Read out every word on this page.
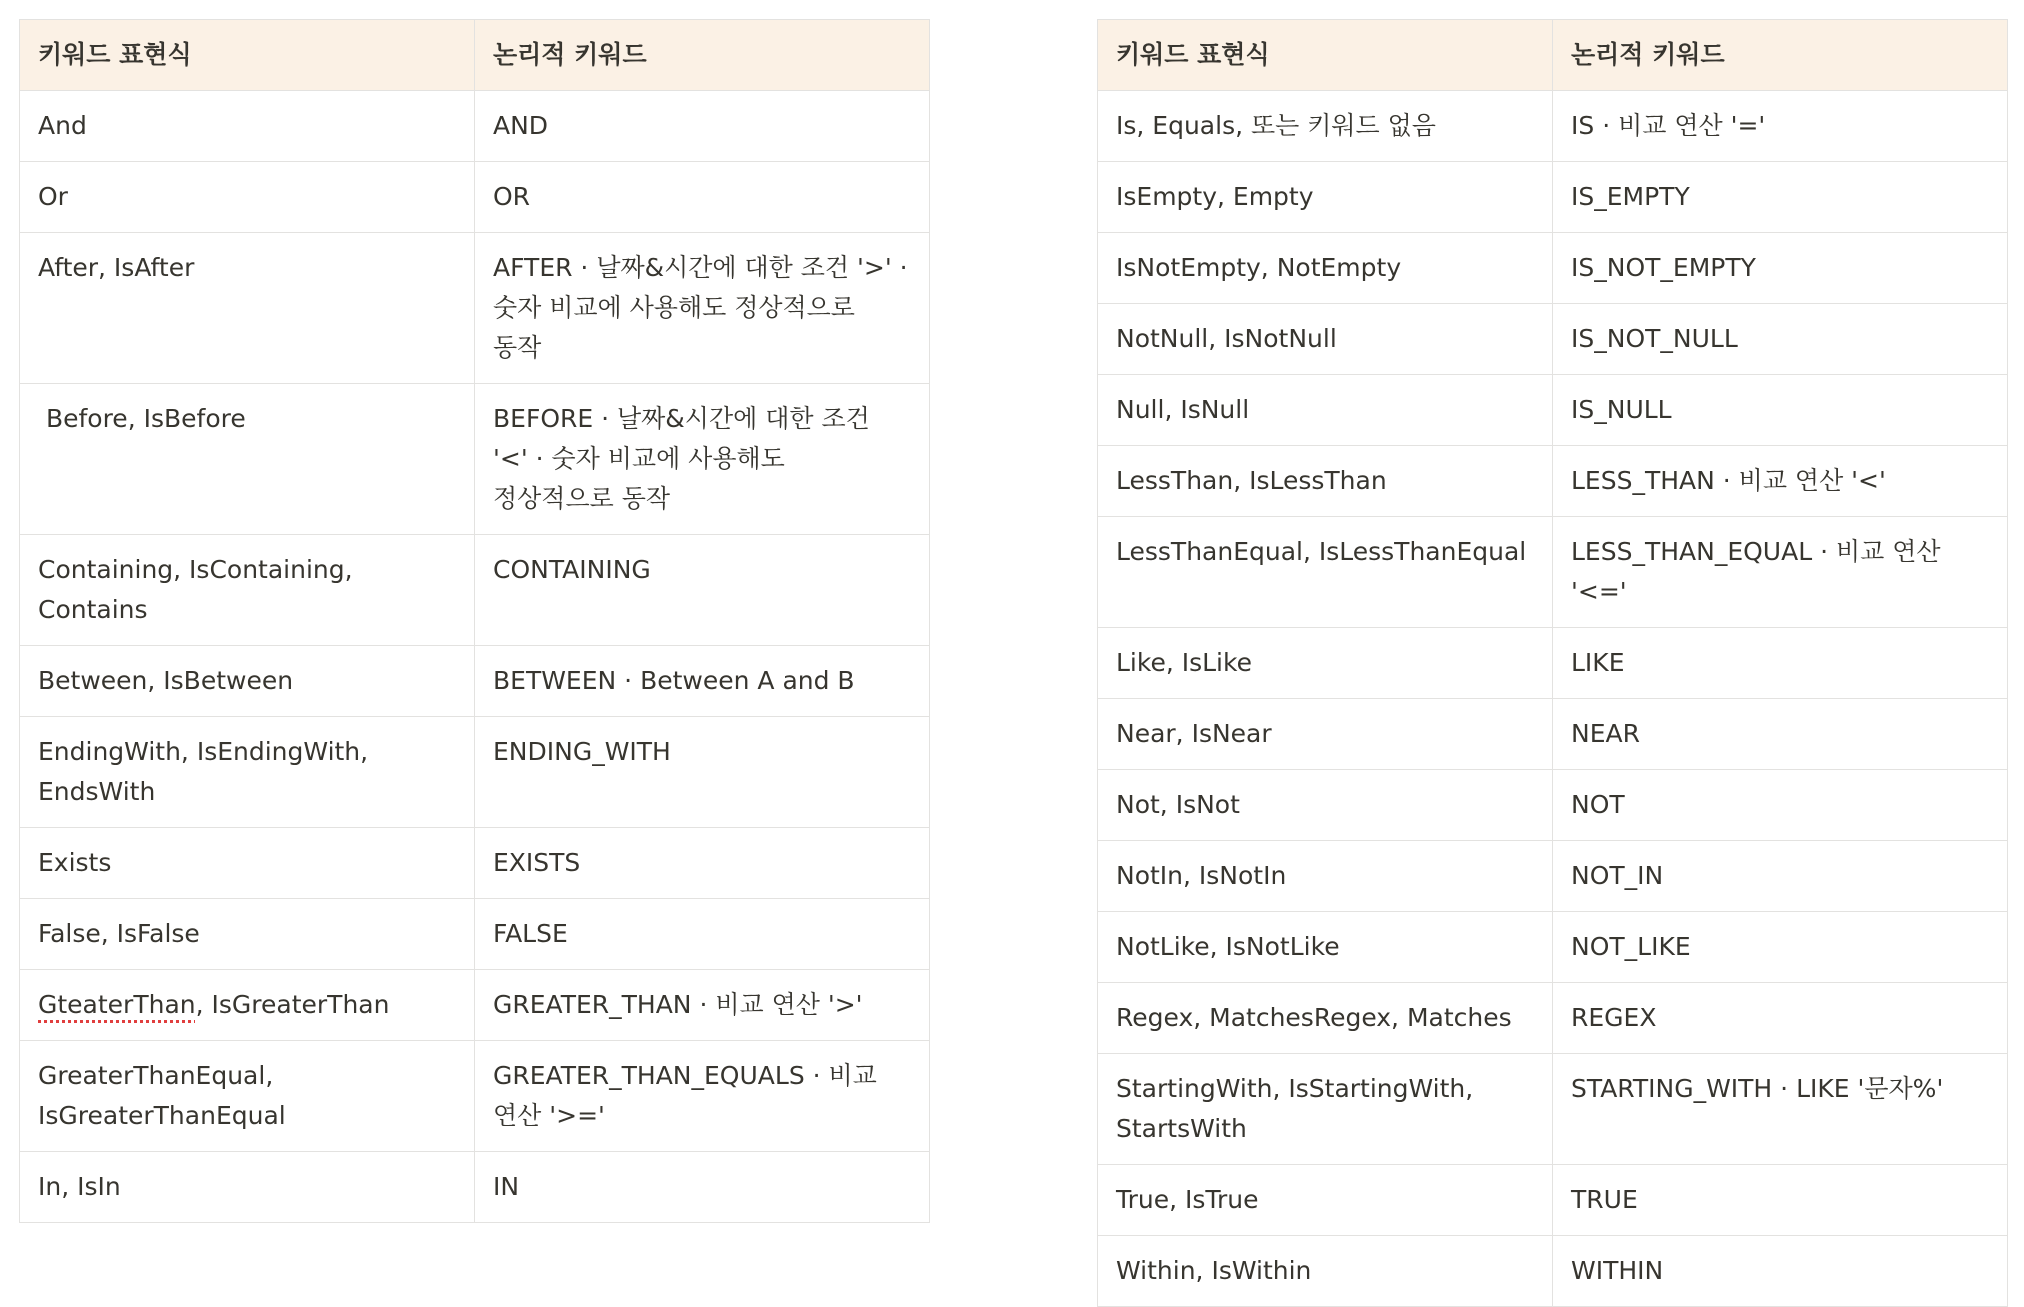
키워드 표현식	논리적 키워드
And	AND
Or	OR
After, IsAfter	AFTER · 날짜&시간에 대한 조건 '>' · 숫자 비교에 사용해도 정상적으로 동작
Before, IsBefore	BEFORE · 날짜&시간에 대한 조건 '<' · 숫자 비교에 사용해도 정상적으로 동작
Containing, IsContaining, Contains	CONTAINING
Between, IsBetween	BETWEEN · Between A and B
EndingWith, IsEndingWith, EndsWith	ENDING_WITH
Exists	EXISTS
False, IsFalse	FALSE
GteaterThan, IsGreaterThan	GREATER_THAN · 비교 연산 '>'
GreaterThanEqual, IsGreaterThanEqual	GREATER_THAN_EQUALS · 비교 연산 '>='
In, IsIn	IN
키워드 표현식	논리적 키워드
Is, Equals, 또는 키워드 없음	IS · 비교 연산 '='
IsEmpty, Empty	IS_EMPTY
IsNotEmpty, NotEmpty	IS_NOT_EMPTY
NotNull, IsNotNull	IS_NOT_NULL
Null, IsNull	IS_NULL
LessThan, IsLessThan	LESS_THAN · 비교 연산 '<'
LessThanEqual, IsLessThanEqual	LESS_THAN_EQUAL · 비교 연산 '<='
Like, IsLike	LIKE
Near, IsNear	NEAR
Not, IsNot	NOT
NotIn, IsNotIn	NOT_IN
NotLike, IsNotLike	NOT_LIKE
Regex, MatchesRegex, Matches	REGEX
StartingWith, IsStartingWith, StartsWith	STARTING_WITH · LIKE '문자%'
True, IsTrue	TRUE
Within, IsWithin	WITHIN
